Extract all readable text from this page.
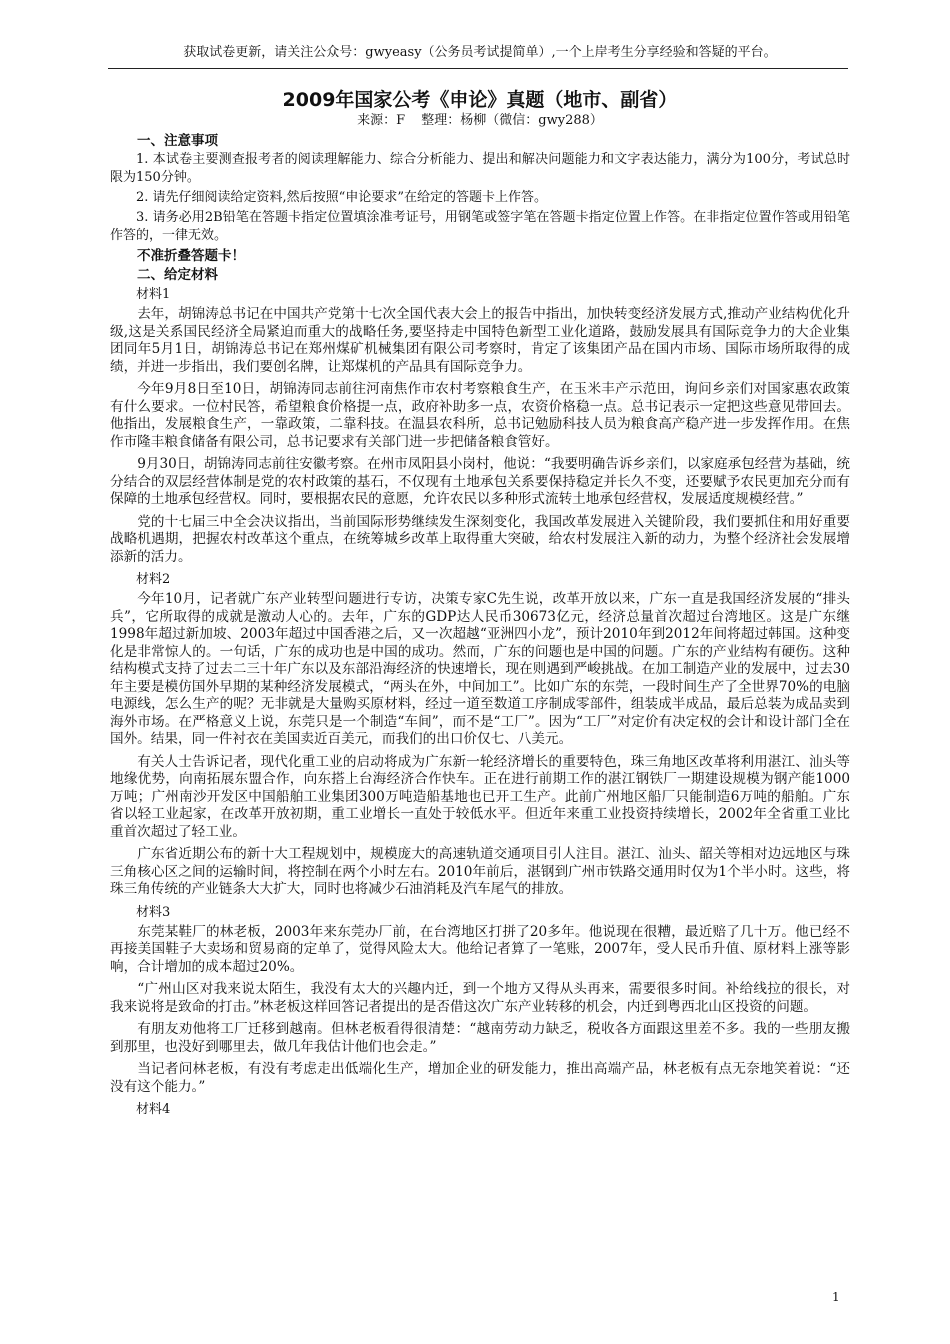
获取试卷更新，请关注公众号：gwyeasy（公务员考试提简单）,一个上岸考生分享经验和答疑的平台。
2009年国家公考《申论》真题（地市、副省）

来源：F 整理：杨柳（微信：gwy288）

一、注意事项

1. 本试卷主要测查报考者的阅读理解能力、综合分析能力、提出和解决问题能力和文字表达能力，满分为100分，考试总时限为150分钟。

2. 请先仔细阅读给定资料,然后按照“申论要求”在给定的答题卡上作答。

3. 请务必用2B铅笔在答题卡指定位置填涂准考证号，用钢笔或签字笔在答题卡指定位置上作答。在非指定位置作答或用铅笔作答的，一律无效。

不准折叠答题卡！

二、给定材料

材料1

去年，胡锦涛总书记在中国共产党第十七次全国代表大会上的报告中指出，加快转变经济发展方式,推动产业结构优化升级,这是关系国民经济全局紧迫而重大的战略任务,要坚持走中国特色新型工业化道路，鼓励发展具有国际竞争力的大企业集团同年5月1日，胡锦涛总书记在郑州煤矿机械集团有限公司考察时，肯定了该集团产品在国内市场、国际市场所取得的成绩，并进一步指出，我们要创名牌，让郑煤机的产品具有国际竞争力。

今年9月8日至10日，胡锦涛同志前往河南焦作市农村考察粮食生产，在玉米丰产示范田，询问乡亲们对国家惠农政策有什么要求。一位村民答，希望粮食价格提一点，政府补助多一点，农资价格稳一点。总书记表示一定把这些意见带回去。他指出，发展粮食生产，一靠政策，二靠科技。在温县农科所，总书记勉励科技人员为粮食高产稳产进一步发挥作用。在焦作市隆丰粮食储备有限公司，总书记要求有关部门进一步把储备粮食管好。

9月30日，胡锦涛同志前往安徽考察。在州市凤阳县小岗村，他说：“我要明确告诉乡亲们，以家庭承包经营为基础，统分结合的双层经营体制是党的农村政策的基石，不仅现有土地承包关系要保持稳定并长久不变，还要赋予农民更加充分而有保障的土地承包经营权。同时，要根据农民的意愿，允许农民以多种形式流转土地承包经营权，发展适度规模经营。”

党的十七届三中全会决议指出，当前国际形势继续发生深刻变化，我国改革发展进入关键阶段，我们要抓住和用好重要战略机遇期，把握农村改革这个重点，在统筹城乡改革上取得重大突破，给农村发展注入新的动力，为整个经济社会发展增添新的活力。

材料2

今年10月，记者就广东产业转型问题进行专访，决策专家C先生说，改革开放以来，广东一直是我国经济发展的“排头兵”，它所取得的成就是激动人心的。去年，广东的GDP达人民币30673亿元，经济总量首次超过台湾地区。这是广东继1998年超过新加坡、2003年超过中国香港之后，又一次超越“亚洲四小龙”，预计2010年到2012年间将超过韩国。这种变化是非常惊人的。一句话，广东的成功也是中国的成功。然而，广东的问题也是中国的问题。广东的产业结构有硬伤。这种结构模式支持了过去二三十年广东以及东部沿海经济的快速增长，现在则遇到严峻挑战。在加工制造产业的发展中，过去30年主要是模仿国外早期的某种经济发展模式，“两头在外，中间加工”。比如广东的东莞，一段时间生产了全世界70%的电脑电源线，怎么生产的呢？无非就是大量购买原材料，经过一道至数道工序制成零部件，组装成半成品，最后总装为成品卖到海外市场。在严格意义上说，东莞只是一个制造“车间”，而不是“工厂”。因为“工厂”对定价有决定权的会计和设计部门全在国外。结果，同一件衬衣在美国卖近百美元，而我们的出口价仅七、八美元。

有关人士告诉记者，现代化重工业的启动将成为广东新一轮经济增长的重要特色，珠三角地区改革将利用湛江、汕头等地缘优势，向南拓展东盟合作，向东搭上台海经济合作快车。正在进行前期工作的湛江钢铁厂一期建设规模为钢产能1000万吨；广州南沙开发区中国船舶工业集团300万吨造船基地也已开工生产。此前广州地区船厂只能制造6万吨的船舶。广东省以轻工业起家，在改革开放初期，重工业增长一直处于较低水平。但近年来重工业投资持续增长，2002年全省重工业比重首次超过了轻工业。

广东省近期公布的新十大工程规划中，规模庞大的高速轨道交通项目引人注目。湛江、汕头、韶关等相对边远地区与珠三角核心区之间的运输时间，将控制在两个小时左右。2010年前后，湛钢到广州市铁路交通用时仅为1个半小时。这些，将珠三角传统的产业链条大大扩大，同时也将减少石油消耗及汽车尾气的排放。

材料3

东莞某鞋厂的林老板，2003年来东莞办厂前，在台湾地区打拼了20多年。他说现在很糟，最近赔了几十万。他已经不再接美国鞋子大卖场和贸易商的定单了，觉得风险太大。他给记者算了一笔账，2007年，受人民币升值、原材料上涨等影响，合计增加的成本超过20%。

“广州山区对我来说太陌生，我没有太大的兴趣内迁，到一个地方又得从头再来，需要很多时间。补给线拉的很长，对我来说将是致命的打击。”林老板这样回答记者提出的是否借这次广东产业转移的机会，内迁到粤西北山区投资的问题。

有朋友劝他将工厂迁移到越南。但林老板看得很清楚：“越南劳动力缺乏，税收各方面跟这里差不多。我的一些朋友搬到那里，也没好到哪里去，做几年我估计他们也会走。”

当记者问林老板，有没有考虑走出低端化生产，增加企业的研发能力，推出高端产品，林老板有点无奈地笑着说：“还没有这个能力。”

材料4

1
